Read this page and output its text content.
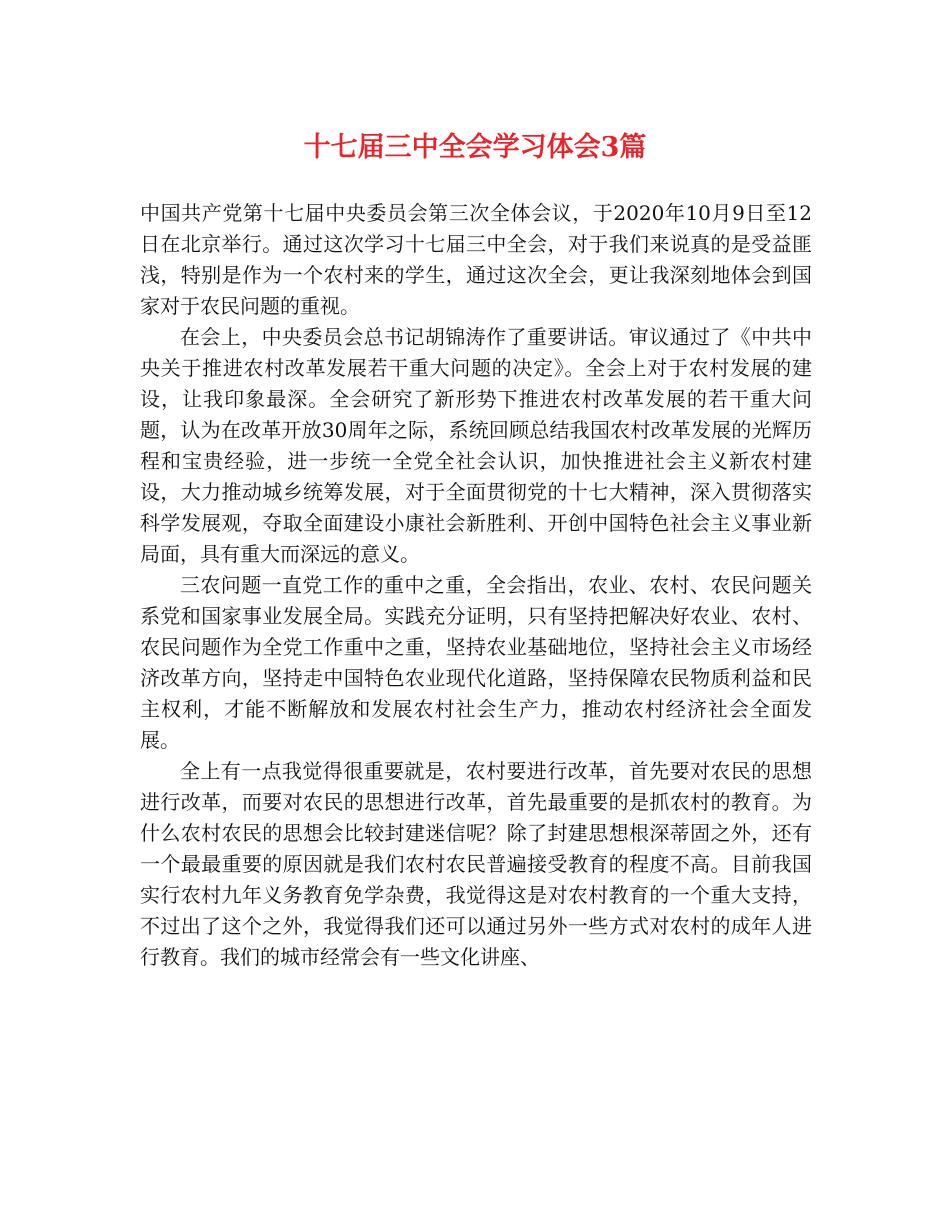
十七届三中全会学习体会3篇

中国共产党第十七届中央委员会第三次全体会议，于2020年10月9日至12日在北京举行。通过这次学习十七届三中全会，对于我们来说真的是受益匪浅，特别是作为一个农村来的学生，通过这次全会，更让我深刻地体会到国家对于农民问题的重视。

在会上，中央委员会总书记胡锦涛作了重要讲话。审议通过了《中共中央关于推进农村改革发展若干重大问题的决定》。全会上对于农村发展的建设，让我印象最深。全会研究了新形势下推进农村改革发展的若干重大问题，认为在改革开放30周年之际，系统回顾总结我国农村改革发展的光辉历程和宝贵经验，进一步统一全党全社会认识，加快推进社会主义新农村建设，大力推动城乡统筹发展，对于全面贯彻党的十七大精神，深入贯彻落实科学发展观，夺取全面建设小康社会新胜利、开创中国特色社会主义事业新局面，具有重大而深远的意义。

三农问题一直党工作的重中之重，全会指出，农业、农村、农民问题关系党和国家事业发展全局。实践充分证明，只有坚持把解决好农业、农村、农民问题作为全党工作重中之重，坚持农业基础地位，坚持社会主义市场经济改革方向，坚持走中国特色农业现代化道路，坚持保障农民物质利益和民主权利，才能不断解放和发展农村社会生产力，推动农村经济社会全面发展。

全上有一点我觉得很重要就是，农村要进行改革，首先要对农民的思想进行改革，而要对农民的思想进行改革，首先最重要的是抓农村的教育。为什么农村农民的思想会比较封建迷信呢？除了封建思想根深蒂固之外，还有一个最最重要的原因就是我们农村农民普遍接受教育的程度不高。目前我国实行农村九年义务教育免学杂费，我觉得这是对农村教育的一个重大支持，不过出了这个之外，我觉得我们还可以通过另外一些方式对农村的成年人进行教育。我们的城市经常会有一些文化讲座、
